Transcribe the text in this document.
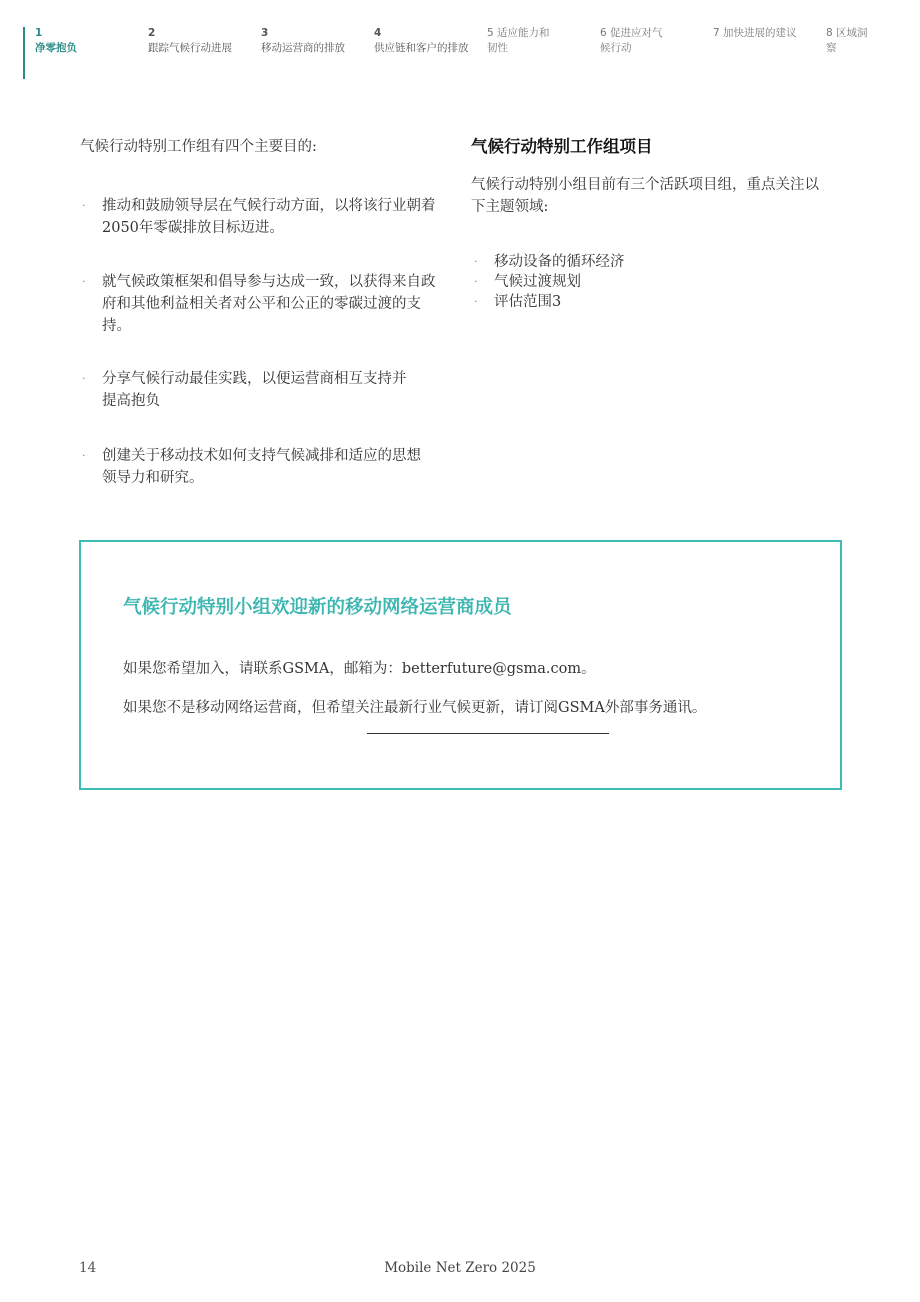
1
净零抱负
2
跟踪气候行动进展
3
移动运营商的排放
4
供应链和客户的排放
5 适应能力和韧性
6 促进应对气候行动
7 加快进展的建议	8 区域洞察
气候行动特别工作组有四个主要目的:
· 推动和鼓励领导层在气候行动方面，以将该行业朝着2050年零碳排放目标迈进。
· 就气候政策框架和倡导参与达成一致，以获得来自政府和其他利益相关者对公平和公正的零碳过渡的支持。
· 分享气候行动最佳实践，以便运营商相互支持并提高抱负
· 创建关于移动技术如何支持气候减排和适应的思想领导力和研究。
气候行动特别工作组项目
气候行动特别小组目前有三个活跃项目组，重点关注以下主题领域:
· 移动设备的循环经济
· 气候过渡规划
· 评估范围3
气候行动特别小组欢迎新的移动网络运营商成员
如果您希望加入，请联系GSMA，邮箱为：betterfuture@gsma.com。
如果您不是移动网络运营商，但希望关注最新行业气候更新，请订阅GSMA外部事务通讯。
14	Mobile Net Zero 2025
